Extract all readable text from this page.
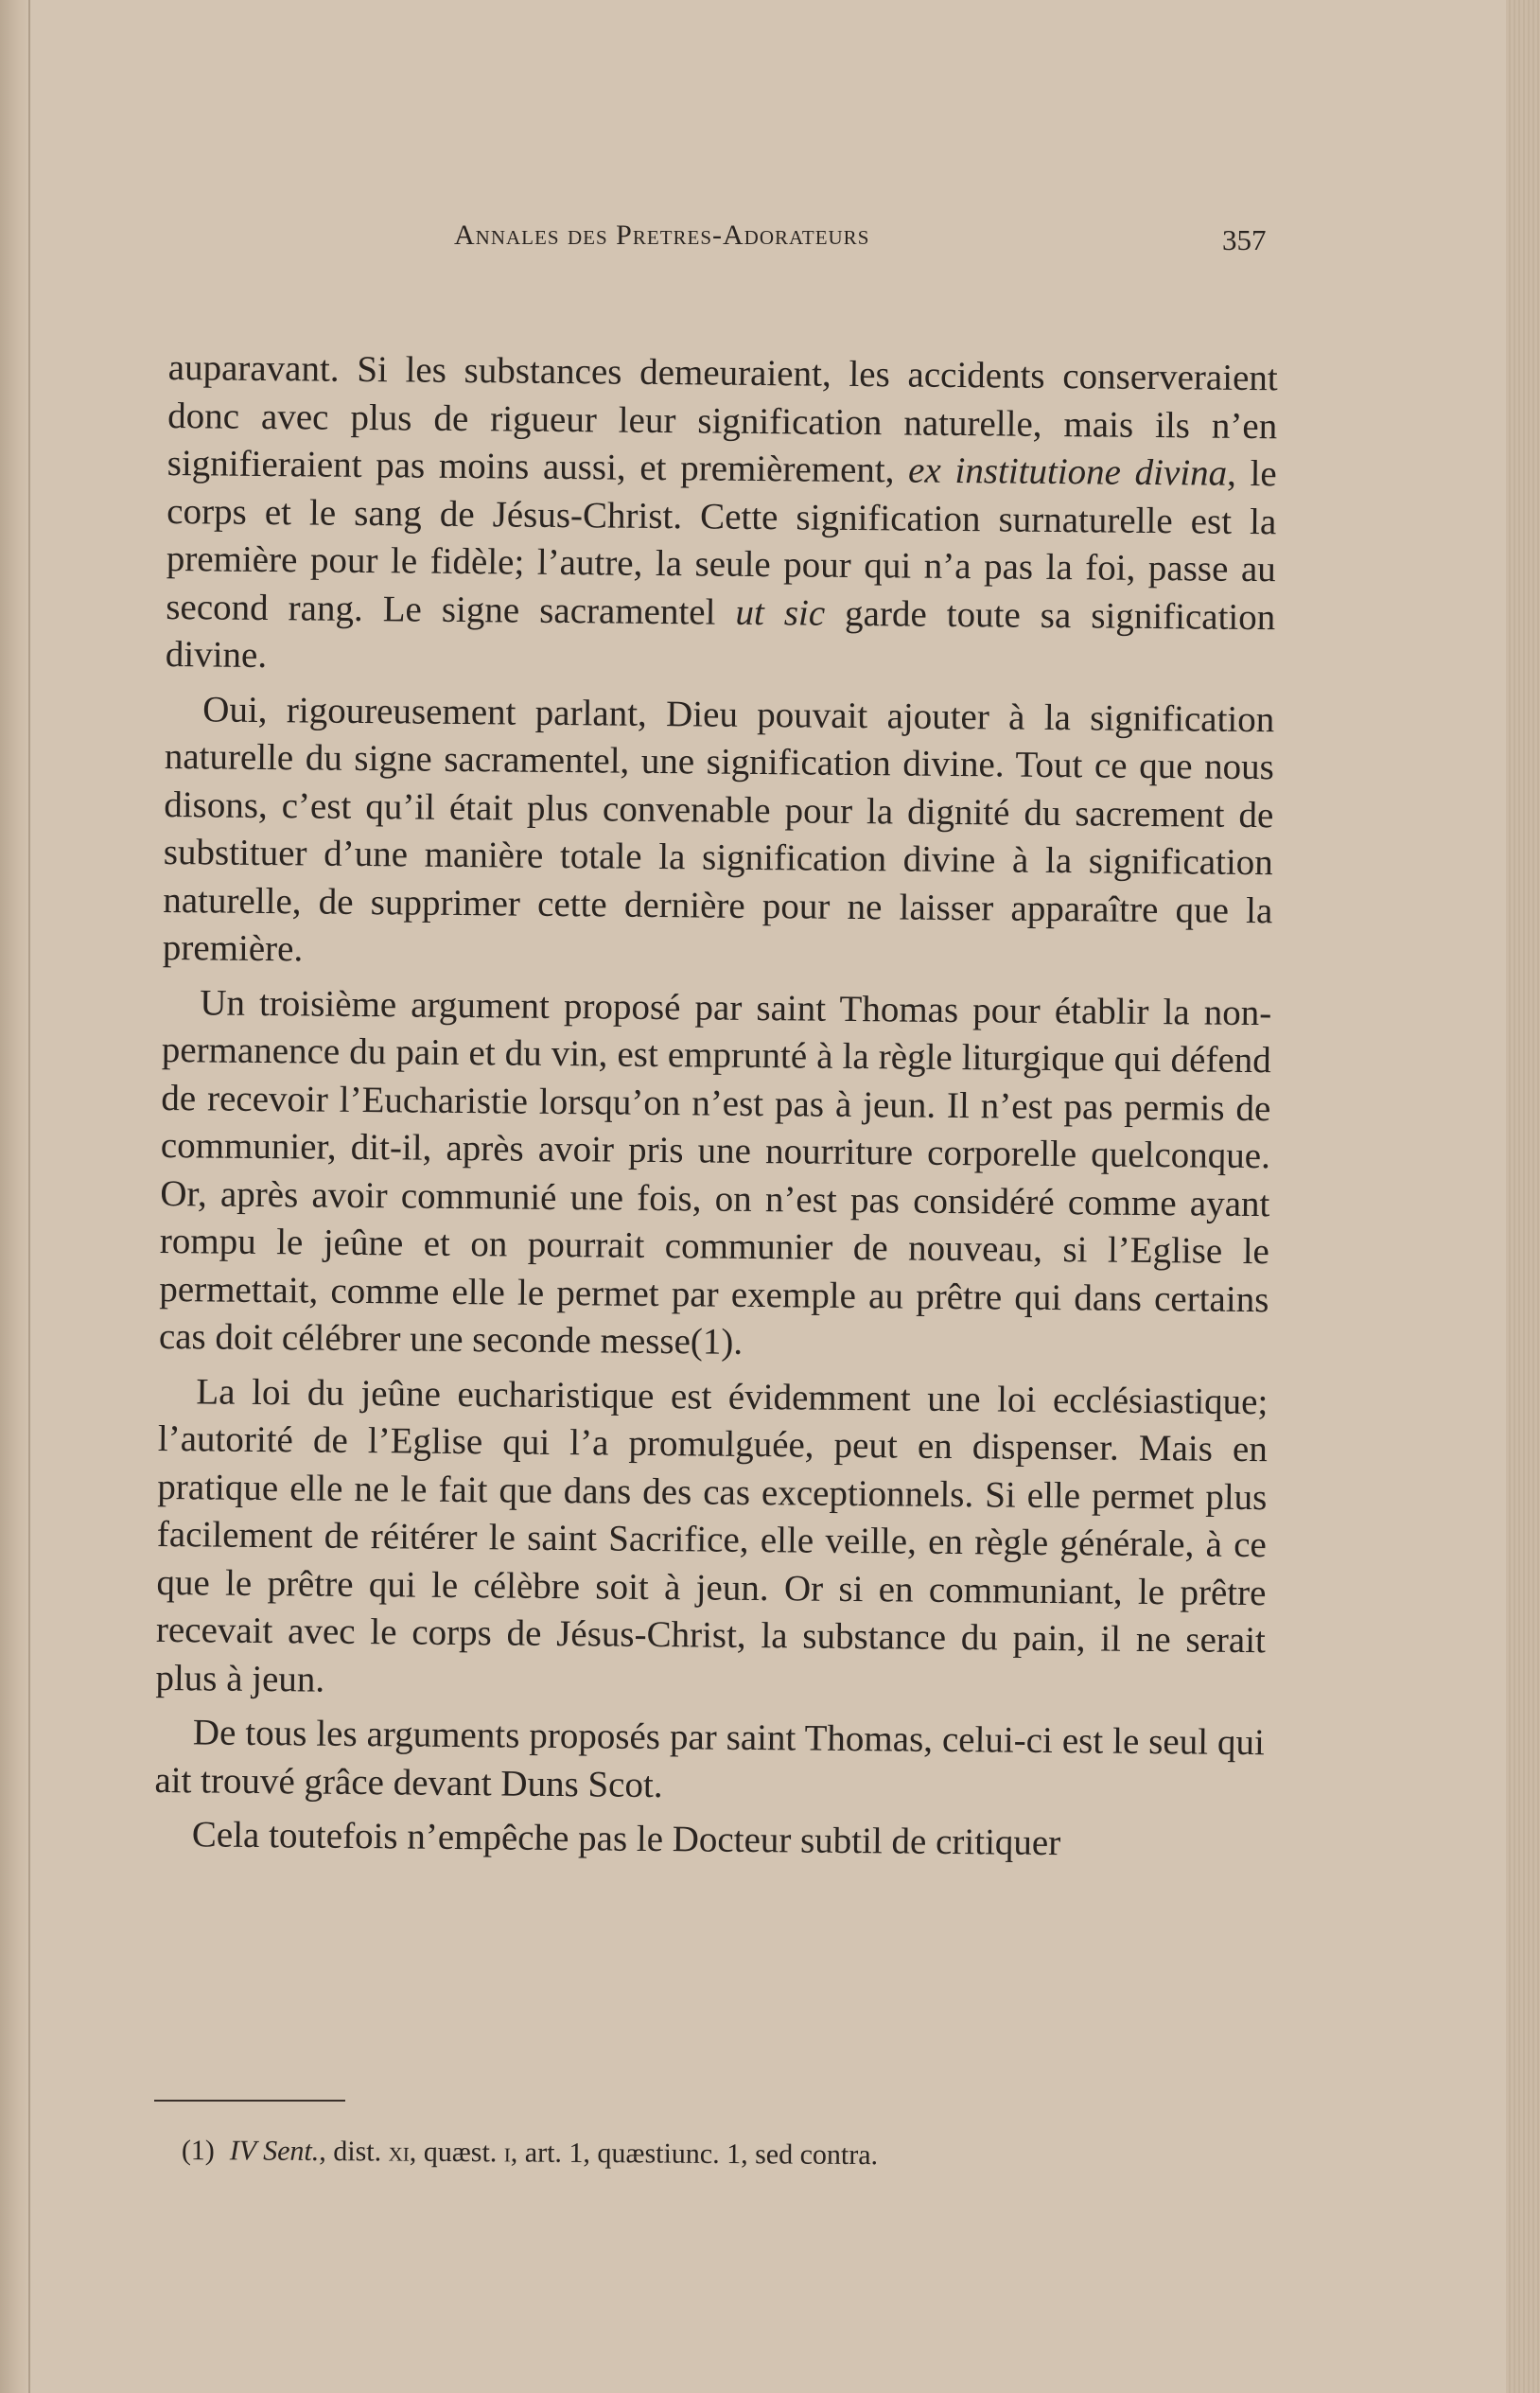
Annales des Pretres-Adorateurs	357

auparavant. Si les substances demeuraient, les accidents conserveraient donc avec plus de rigueur leur signification naturelle, mais ils n’en signifieraient pas moins aussi, et premièrement, ex institutione divina, le corps et le sang de Jésus-Christ. Cette signification surnaturelle est la première pour le fidèle; l’autre, la seule pour qui n’a pas la foi, passe au second rang. Le signe sacramentel ut sic garde toute sa signification divine.

Oui, rigoureusement parlant, Dieu pouvait ajouter à la signification naturelle du signe sacramentel, une signification divine. Tout ce que nous disons, c’est qu’il était plus convenable pour la dignité du sacrement de substituer d’une manière totale la signification divine à la signification naturelle, de supprimer cette dernière pour ne laisser apparaître que la première.

Un troisième argument proposé par saint Thomas pour établir la non-permanence du pain et du vin, est emprunté à la règle liturgique qui défend de recevoir l’Eucharistie lorsqu’on n’est pas à jeun. Il n’est pas permis de communier, dit-il, après avoir pris une nourriture corporelle quelconque. Or, après avoir communié une fois, on n’est pas considéré comme ayant rompu le jeûne et on pourrait communier de nouveau, si l’Eglise le permettait, comme elle le permet par exemple au prêtre qui dans certains cas doit célébrer une seconde messe(1).

La loi du jeûne eucharistique est évidemment une loi ecclésiastique; l’autorité de l’Eglise qui l’a promulguée, peut en dispenser. Mais en pratique elle ne le fait que dans des cas exceptionnels. Si elle permet plus facilement de réitérer le saint Sacrifice, elle veille, en règle générale, à ce que le prêtre qui le célèbre soit à jeun. Or si en communiant, le prêtre recevait avec le corps de Jésus-Christ, la substance du pain, il ne serait plus à jeun.

De tous les arguments proposés par saint Thomas, celui-ci est le seul qui ait trouvé grâce devant Duns Scot.

Cela toutefois n’empêche pas le Docteur subtil de critiquer

(1) IV Sent., dist. xi, quæst. i, art. 1, quæstiunc. 1, sed contra.
